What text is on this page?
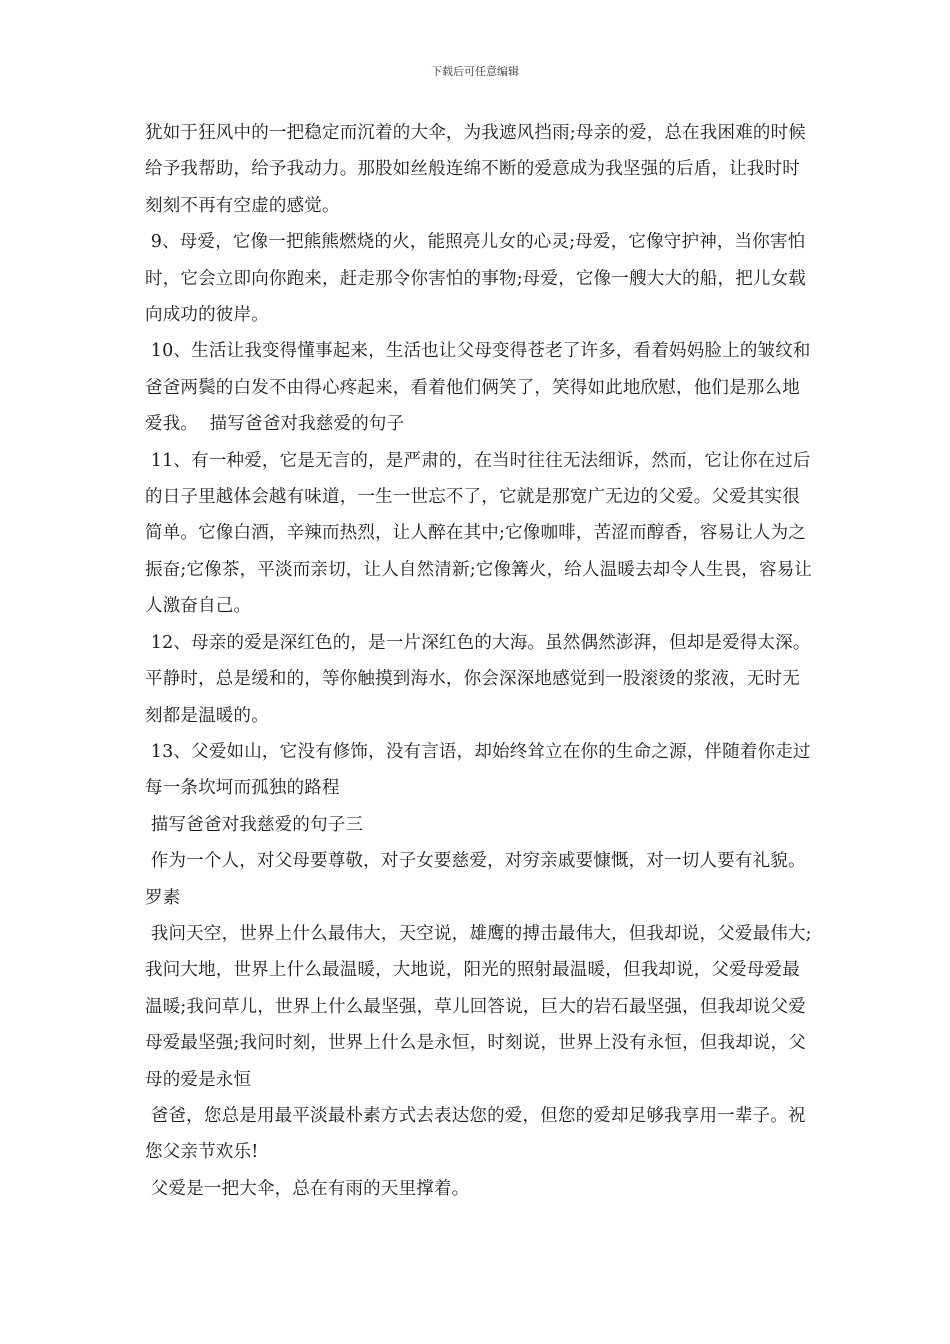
下载后可任意编辑

犹如于狂风中的一把稳定而沉着的大伞，为我遮风挡雨;母亲的爱，总在我困难的时候给予我帮助，给予我动力。那股如丝般连绵不断的爱意成为我坚强的后盾，让我时时刻刻不再有空虚的感觉。

9、母爱，它像一把熊熊燃烧的火，能照亮儿女的心灵;母爱，它像守护神，当你害怕时，它会立即向你跑来，赶走那令你害怕的事物;母爱，它像一艘大大的船，把儿女载向成功的彼岸。

10、生活让我变得懂事起来，生活也让父母变得苍老了许多，看着妈妈脸上的皱纹和爸爸两鬓的白发不由得心疼起来，看着他们俩笑了，笑得如此地欣慰，他们是那么地爱我。  描写爸爸对我慈爱的句子

11、有一种爱，它是无言的，是严肃的，在当时往往无法细诉，然而，它让你在过后的日子里越体会越有味道，一生一世忘不了，它就是那宽广无边的父爱。父爱其实很简单。它像白酒，辛辣而热烈，让人醉在其中;它像咖啡，苦涩而醇香，容易让人为之振奋;它像茶，平淡而亲切，让人自然清新;它像篝火，给人温暖去却令人生畏，容易让人激奋自己。

12、母亲的爱是深红色的，是一片深红色的大海。虽然偶然澎湃，但却是爱得太深。平静时，总是缓和的，等你触摸到海水，你会深深地感觉到一股滚烫的浆液，无时无刻都是温暖的。

13、父爱如山，它没有修饰，没有言语，却始终耸立在你的生命之源，伴随着你走过每一条坎坷而孤独的路程

描写爸爸对我慈爱的句子三

作为一个人，对父母要尊敬，对子女要慈爱，对穷亲戚要慷慨，对一切人要有礼貌。  罗素

我问天空，世界上什么最伟大，天空说，雄鹰的搏击最伟大，但我却说，父爱最伟大;我问大地，世界上什么最温暖，大地说，阳光的照射最温暖，但我却说，父爱母爱最温暖;我问草儿，世界上什么最坚强，草儿回答说，巨大的岩石最坚强，但我却说父爱母爱最坚强;我问时刻，世界上什么是永恒，时刻说，世界上没有永恒，但我却说，父母的爱是永恒

爸爸，您总是用最平淡最朴素方式去表达您的爱，但您的爱却足够我享用一辈子。祝您父亲节欢乐!

父爱是一把大伞，总在有雨的天里撑着。
